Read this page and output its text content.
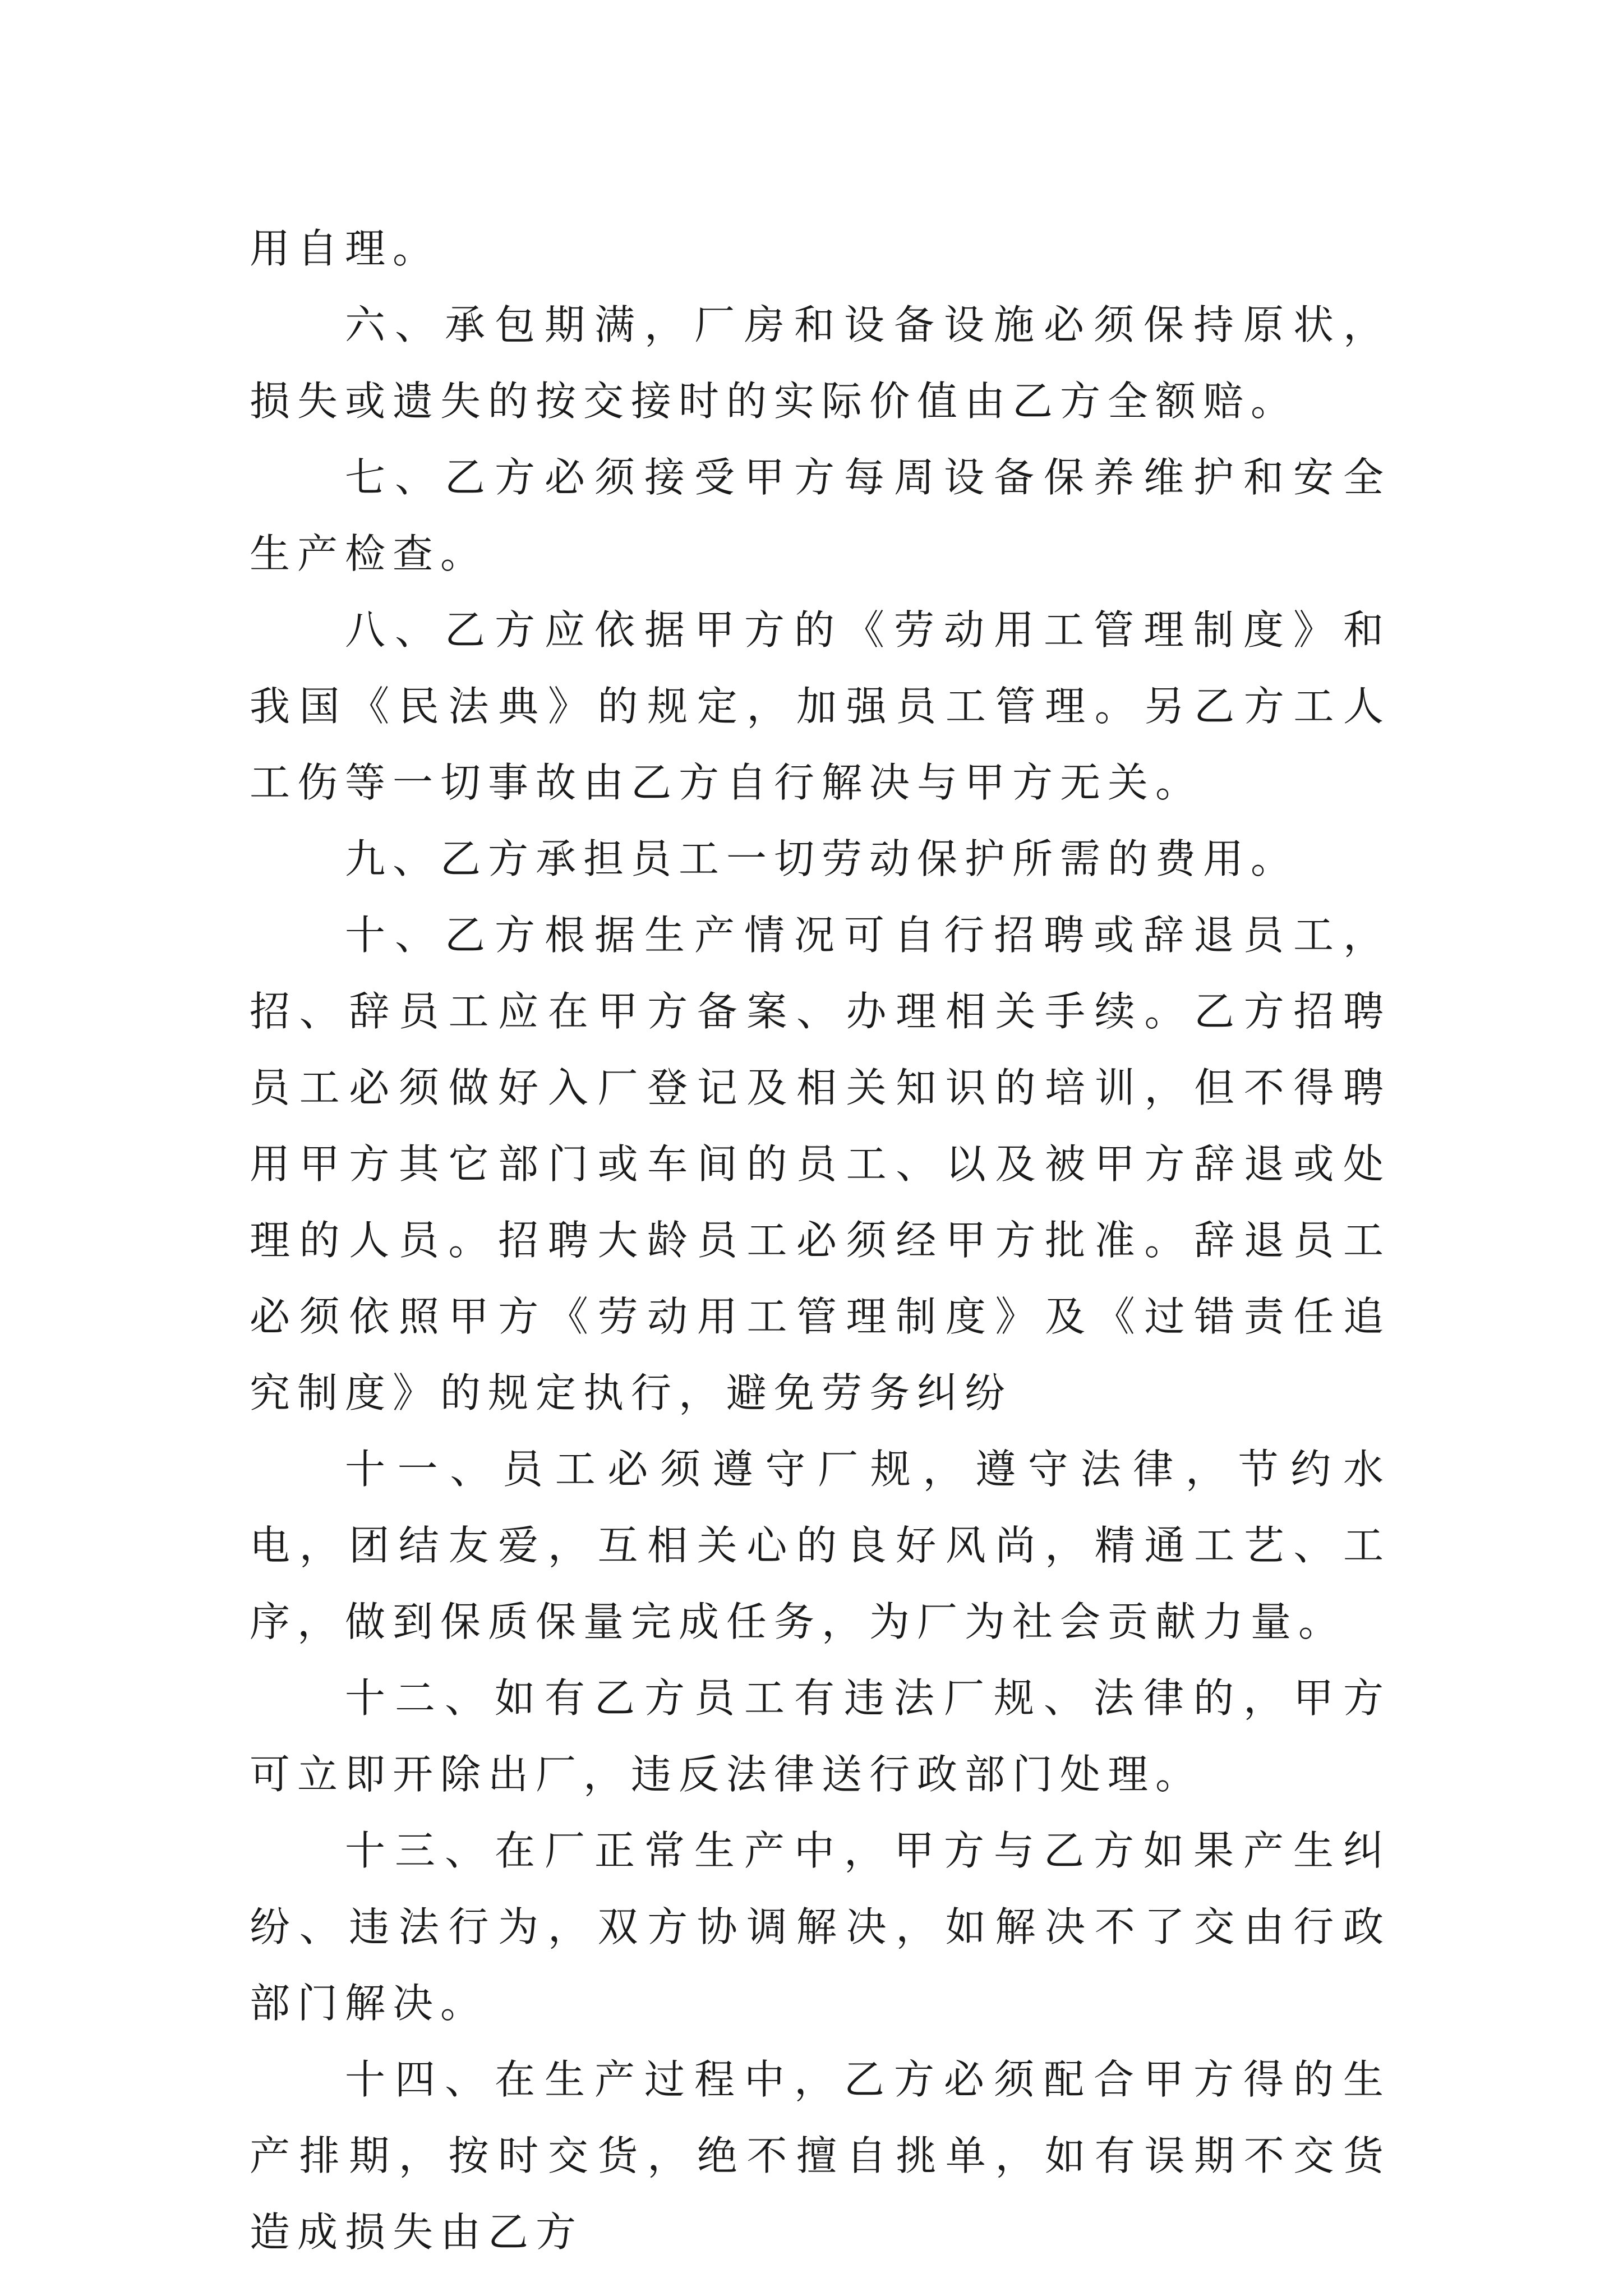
用自理。

六、承包期满，厂房和设备设施必须保持原状，损失或遗失的按交接时的实际价值由乙方全额赔。

七、乙方必须接受甲方每周设备保养维护和安全生产检查。

八、乙方应依据甲方的《劳动用工管理制度》和我国《民法典》的规定，加强员工管理。另乙方工人工伤等一切事故由乙方自行解决与甲方无关。

九、乙方承担员工一切劳动保护所需的费用。

十、乙方根据生产情况可自行招聘或辞退员工，招、辞员工应在甲方备案、办理相关手续。乙方招聘员工必须做好入厂登记及相关知识的培训，但不得聘用甲方其它部门或车间的员工、以及被甲方辞退或处理的人员。招聘大龄员工必须经甲方批准。辞退员工必须依照甲方《劳动用工管理制度》及《过错责任追究制度》的规定执行，避免劳务纠纷

十一、员工必须遵守厂规，遵守法律，节约水电，团结友爱，互相关心的良好风尚，精通工艺、工序，做到保质保量完成任务，为厂为社会贡献力量。

十二、如有乙方员工有违法厂规、法律的，甲方可立即开除出厂，违反法律送行政部门处理。

十三、在厂正常生产中，甲方与乙方如果产生纠纷、违法行为，双方协调解决，如解决不了交由行政部门解决。

十四、在生产过程中，乙方必须配合甲方得的生产排期，按时交货，绝不擅自挑单，如有误期不交货造成损失由乙方
